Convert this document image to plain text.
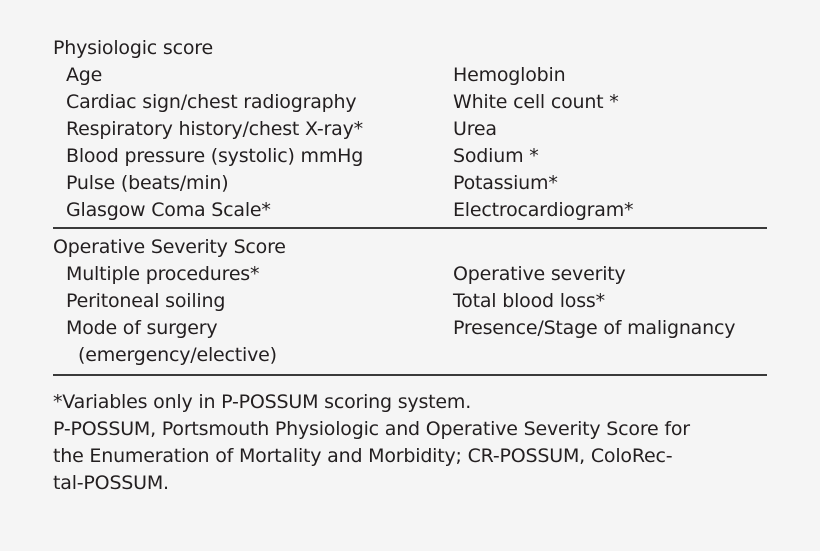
Physiologic score
Age	Hemoglobin
Cardiac sign/chest radiography	White cell count *
Respiratory history/chest X-ray*	Urea
Blood pressure (systolic) mmHg	Sodium *
Pulse (beats/min)	Potassium*
Glasgow Coma Scale*	Electrocardiogram*
Operative Severity Score
Multiple procedures*	Operative severity
Peritoneal soiling	Total blood loss*
Mode of surgery	Presence/Stage of malignancy
(emergency/elective)
*Variables only in P-POSSUM scoring system.
P-POSSUM, Portsmouth Physiologic and Operative Severity Score for
the Enumeration of Mortality and Morbidity; CR-POSSUM, ColoRec-
tal-POSSUM.
